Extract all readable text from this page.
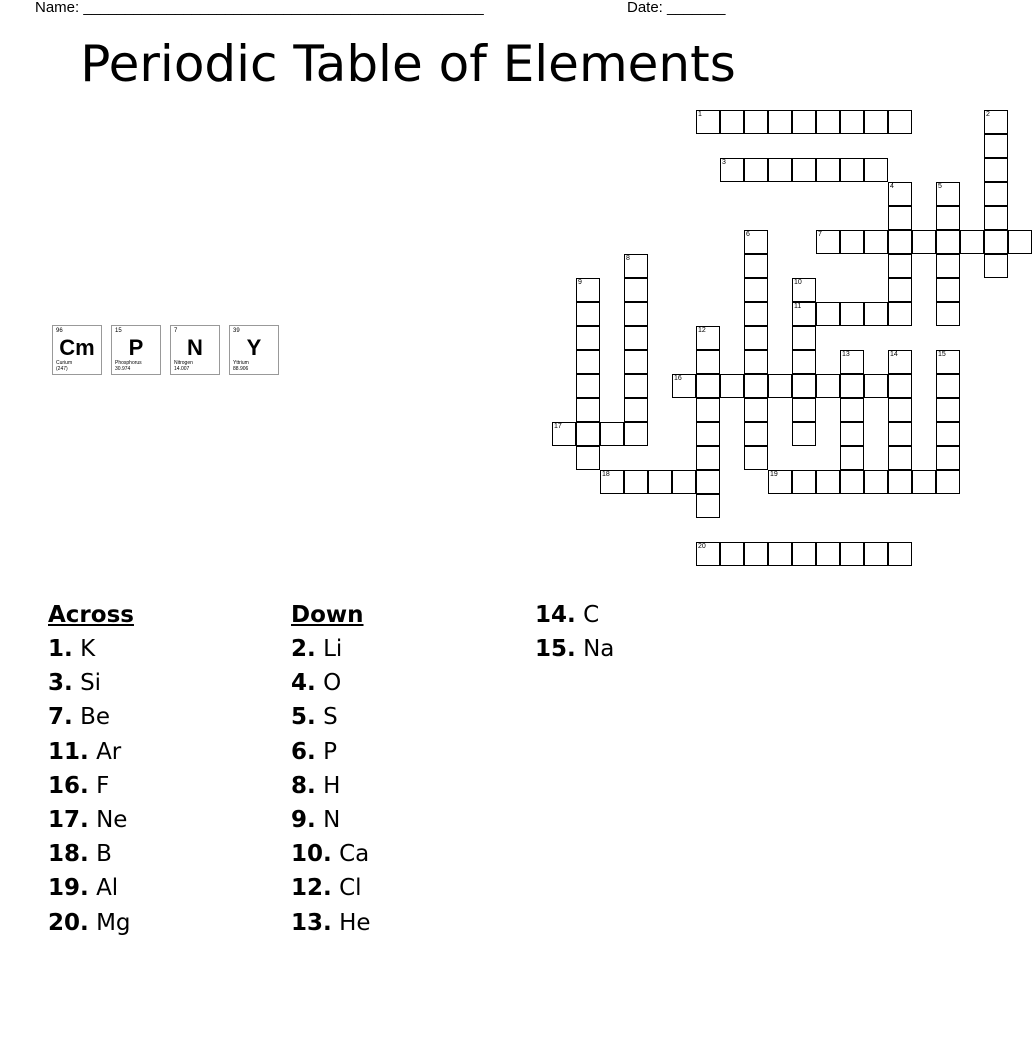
Name: ________________________________________________	Date: _______
Periodic Table of Elements
1	2
3
4	5
6	7
8
9	10
11
12
13	14	15
16
17
18	19
20
96
Cm
Curium
(247)
15
P
Phosphorus
30.974
7
N
Nitrogen
14.007
39
Y
Yttrium
88.906
Across
1. K
3. Si
7. Be
11. Ar
16. F
17. Ne
18. B
19. Al
20. Mg
Down
2. Li
4. O
5. S
6. P
8. H
9. N
10. Ca
12. Cl
13. He
14. C
15. Na
